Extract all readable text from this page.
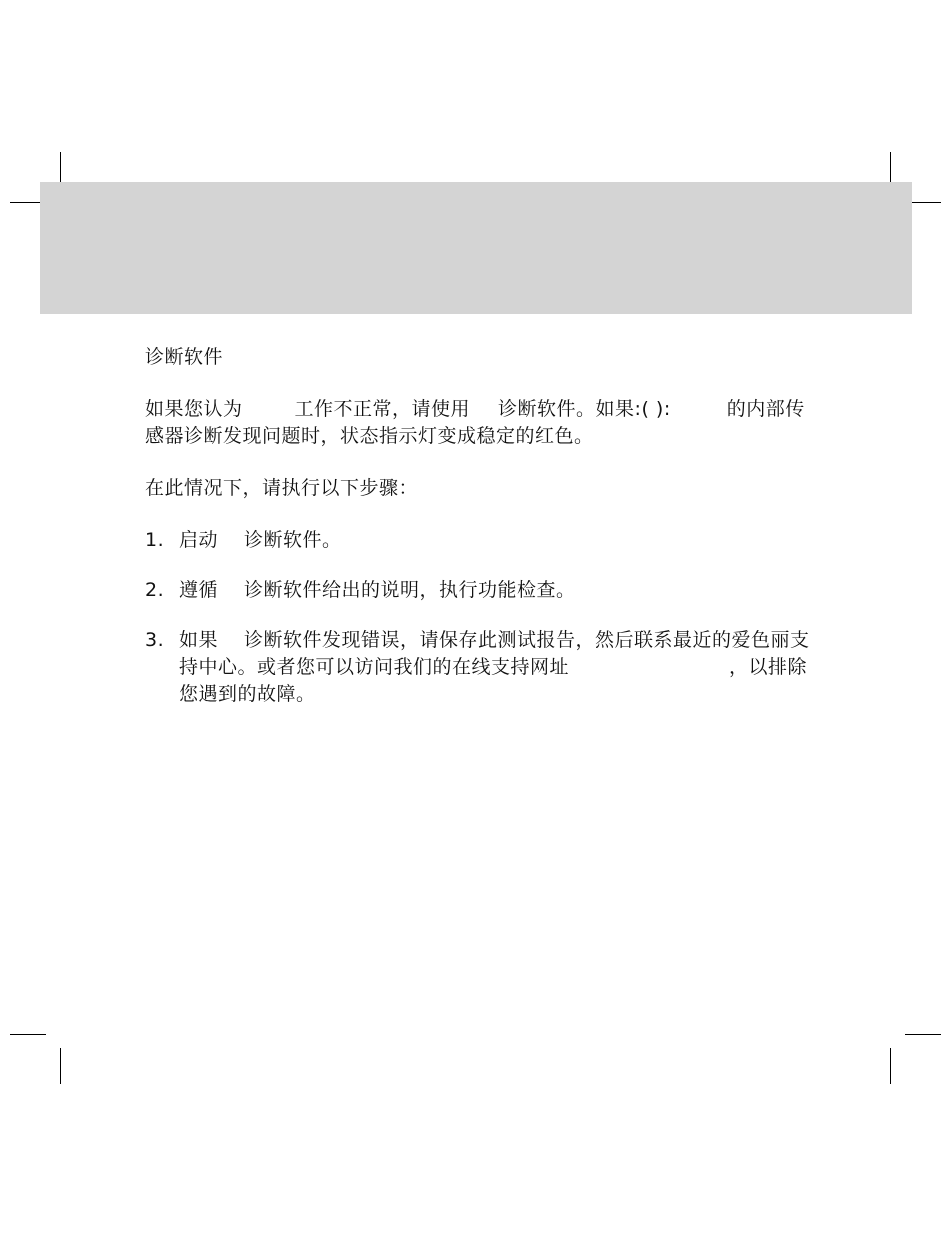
诊断软件

如果您认为	工作不正常，请使用 诊断软件。如果:( ):	的内部传感器诊断发现问题时，状态指示灯变成稳定的红色。

在此情况下，请执行以下步骤：

1. 启动 诊断软件。
2. 遵循 诊断软件给出的说明，执行功能检查。
3. 如果 诊断软件发现错误，请保存此测试报告，然后联系最近的爱色丽支持中心。或者您可以访问我们的在线支持网址	，以排除您遇到的故障。
